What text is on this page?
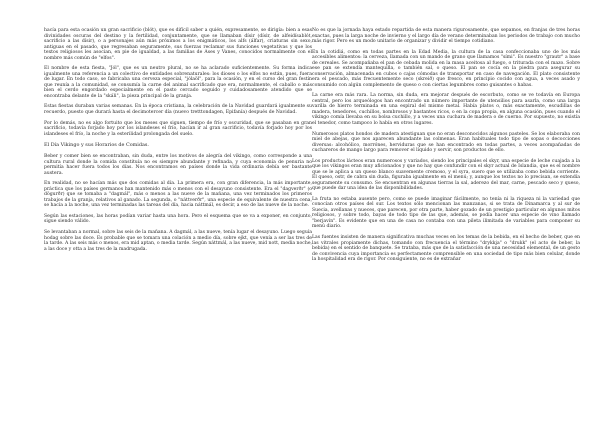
hacía para esta ocasión un gran sacrificio (blót), que es difícil saber a quién, expresamente, se dirigía: bien a esas divinidades oscuras del destino y la fertilidad, conjuntamente, que se llamaban dísir (dísir, de alfeidísablót, sacrificio a las dísir), o a personajes aún más próximos a los enigmáticos, los alfs (álfar), criaturas sin sexo, antiguas en el pasado, que regresaban seguramente, sus fuerzas reclamar sus funciones vegetativas y que los textos religiosos les asocian, en pie de igualdad, a las familias de Ases y Vanes, conocidos normalmente con el nombre más común de "elfos".

El nombre de esta fiesta, "Jól", que es un neutro plural, no se ha aclarado suficientemente. Su forma indica igualmente una referencia a un colectivo de entidades sobrenaturales: los dioses o los elfos no están, pues, fuera de lugar. En todo caso, se fabricaba una cerveza especial, "jólaöl", para la ocasión, y en el curso del gran festín que reunía a la comunidad, se consumía la carne del animal sacrificado que era, normalmente, el caballo o más bien el cerdo engordado especialmente en el pasto cercado seguido y cuidadosamente atendido que se encontraba delante de la "skáli", la pieza principal de la granja.

Estas fiestas duraban varias semanas. En la época cristiana, la celebración de la Navidad guardará igualmente su recuerdo, puesto que durará hasta el decimotercer día (nuevo tretttondagen, Epifanía) después de Navidad.

Por lo demás, no es algo fortuito que los meses que siguen, tiempo de frío y oscuridad, que se pasaban en gran sacrificio, todavía forjado hoy por los islandeses el frío, hacían ir al gran sacrificio, todavía forjado hoy por los islandeses el frío, la noche y la esterilidad prolongada del suelo.

El Día Vikingo y sus Horarios de Comidas.

Beber y comer bien se encontraban, sin duda, entre los motivos de alegría del vikingo, como corresponde a una cultura rural donde la comida constituía no es siempre abundante y refinada, y cuya economía de penuria no permitía hacer fuera todos los días. Nos encontramos en países donde la vida ordinaria debía ser bastante austera.

En realidad, no se hacían más que dos comidas al día. La primera era, con gran diferencia, la más importante, práctica que los países germanos han mantenido más o menos con el desayuno consistente. Era el "dagverðr" (o dögurðr) que se tomaba a "dagmál", más o menos a las nueve de la mañana, una vez terminados los primeros trabajos de la granja, relativos al ganado. La segunda, o "náttverðr", una especie de equivalente de nuestra cena, se hacía a la noche, una vez terminadas las tareas del día, hacia náttmál, es decir, a eso de las nueve de la noche.

Según las estaciones, las horas podían variar hasta una hora. Pero el esquema que se va a exponer, en conjunto, sigue siendo válido.

Se levantaban a normal, sobre las seis de la mañana. A dagmál, a las nueve, tenía lugar el desayuno. Luego seguía hodag sobre las doce. Es probable que se tomara una colación a medio día, sobre ejkt, que venía a ser las tres de la tarde. A las seis más o menos, era mid aptan, o media tarde. Según náttmál, a las nueve, mid nott, media noche, a las doce y otta a las tres de la madrugada.

No es que la jornada haya estado repartida de esta manera rigurosamente, que sepamos, en franjas de tres horas exactas, pues la larga noche de invierno y el largo día de verano determinaban los periodos de trabajo con mucho más rigor. Pero es un modo unitario de organizar y dividir el tiempo cotidiano.

En la cotidiá, como en todas partes en la Edad Media, la cultura de la casa confeccionaba uno de los más accesibles alimentos: la cerveza, llamada con un mando de grano que llamamos "sími". Es nuestro "grautr" a base de cereales. Se acompañaba el pan de cebada molida en la masa aceitosa al fuego, o triturada con el mazo. Sobre ese pan se extendía mantequilla, o también sal, o queso. El pan se cocía en la piedra para asegurar su conservación, almacenada en cubos o cajas cómodas de transportar en caso de navegación. El plato consistente era el pescado, más frecuentemente seco (skreið) que fresco, en principio cocido con agua, a veces asado y consumido con algún complemento de queso o con ciertas legumbres como guisantes o habas.

La carne era más rara. La norma, sin duda, era mejorar después de escorbuto, como se ve todavía en Europa central, pero los arqueólogos han encontrado un número importante de utensilios para asarla, como una larga varilla de hierro terminada en una espiral del mismo metal. Había platos o, más exactamente, escudillas de madera, tenedores, cuchillos, nombrosos y bastantes ricos, o en la copa propia, en alguna ocasión, pues cuando el vikingo comía llevaba en su bolsa cuchillo, y a veces una cuchara de madera o de cuerno. Por supuesto, no existía el tenedor, como tampoco lo había en otros lugares.

Numerosos platos hondos de madera atestiguan que no eran desconocidos algunos pasteles. Se los elaboraba con miel de abejas, que nos aparecen abundante las colmenas. Eran habituales todo tipo de sopas o decocciones diversas: alcohólico, morrónes, herviduras que se han encontrado en todas partes, a veces acompañadas de cuchareros de mango largo para remover el líquido y servir, son productos de ello.

Los productos lácteos eran numerosos y variados, siendo los principales el skyr, una especie de leche cuajada a la que los vikingos eran muy aficionados y que no hay que confundir con el skyr actual de Islandia, que es el nombre que se le aplica a un queso blanco suavemente cremoso, y el syra, suero que se utilizaba como bebida corriente. El queso, ostr, de cabra sin duda, figuraba igualmente en el menú; y, aunque los textos no lo precisan, se extendía seguramente su consumo. Se encuentran en algunas tierras la sal, aderezo del mar, carne, pescado seco y queso, que puede dar una idea de las disponibilidades.

La fruta no estaba ausente pero, como se puede imaginar fácilmente, no tenía ni la riqueza ni la variedad que conocían otros países del sur. Los textos sólo mencionan las manzanas, si se trata de Dinamarca y al sur de Suecia, avellanas y nueces, que parecen, por otra parte, haber gozado de un prestigio particular en algunos mitos religiosos, y sobre todo, bayas de todo tipo de las que, además, se podía hacer una especie de vino llamado "berjavín". Es evidente que en una de casa no contaba con una pileta ilimitada de variables para componer su menú diario.

Las fuentes insisten de manera significativa muchas veces en los temas de la bebida, en el hecho de beber, que en las vitrales propiamente dichas, tomando con frecuencia el término "drykkja" o "drukk" (el acto de beber, la bebida) en el sentido de banquete. Se trataba, más que de la satisfacción de una necesidad elemental, de un gesto de convivencia cuya importancia es perfectamente comprensible en una sociedad de tipo más bien celular, donde la hospitalidad era de rigor. Por consiguiente, no es de extrañar
